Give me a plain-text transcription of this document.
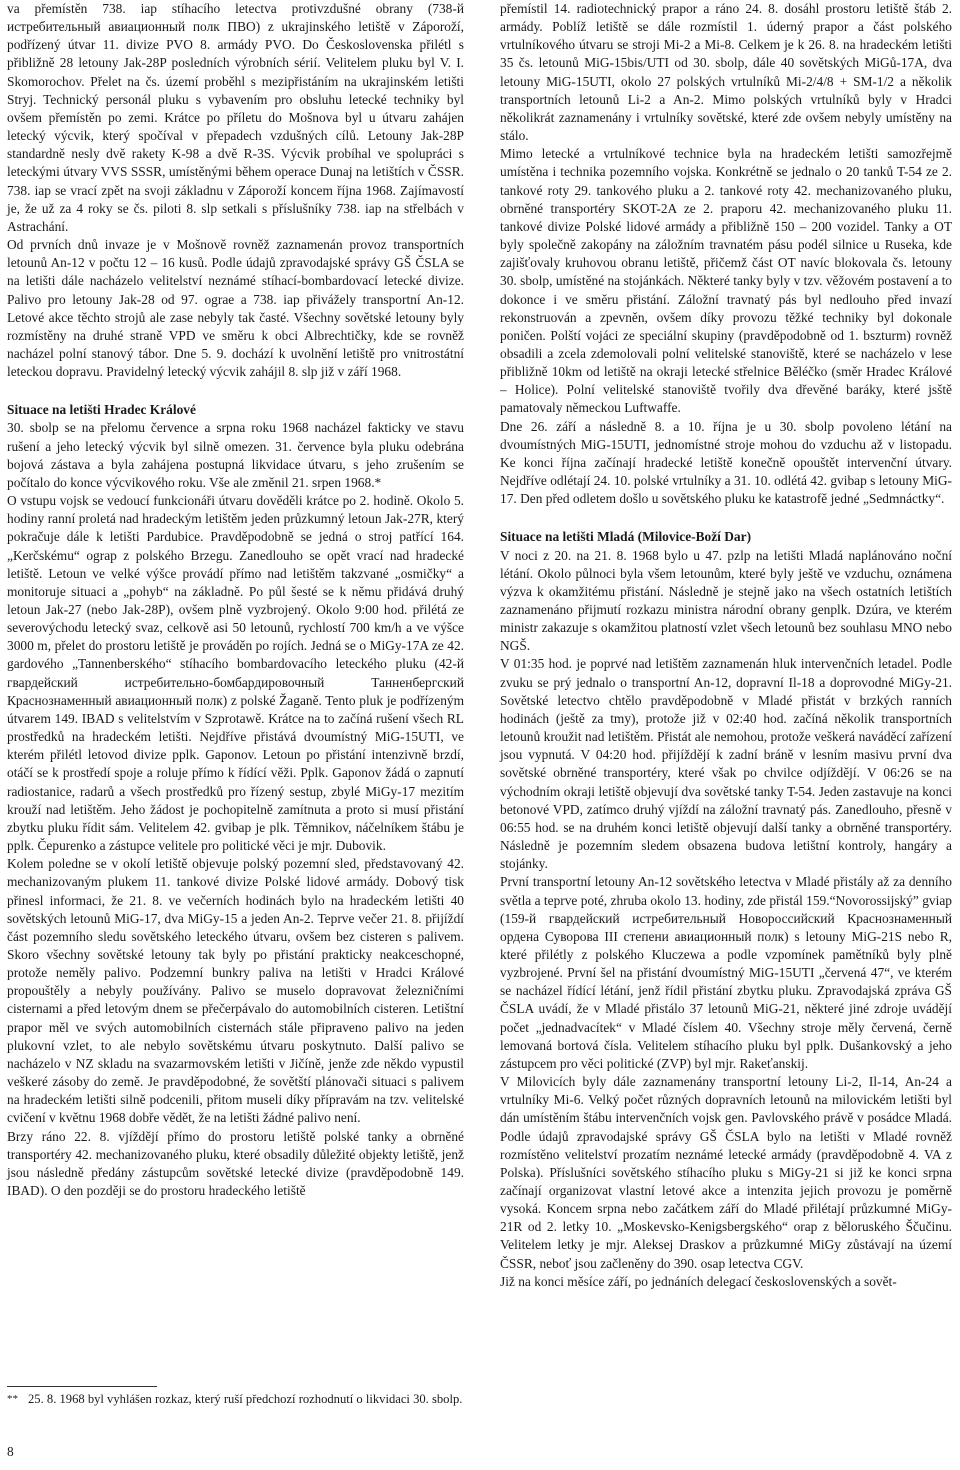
va přemístěn 738. iap stíhacího letectva protivzdušné obrany (738-й истребительный авиационный полк ПВО) z ukrajinského letiště v Záporoží, podřízený útvar 11. divize PVO 8. armády PVO. Do Československa přilétl s přibližně 28 letouny Jak-28P posledních výrobních sérií. Velitelem pluku byl V. I. Skomorochov. Přelet na čs. území proběhl s mezipřistáním na ukrajinském letišti Stryj. Technický personál pluku s vybavením pro obsluhu letecké techniky byl ovšem přemístěn po zemi. Krátce po příletu do Mošnova byl u útvaru zahájen letecký výcvik, který spočíval v přepadech vzdušných cílů. Letouny Jak-28P standardně nesly dvě rakety K-98 a dvě R-3S. Výcvik probíhal ve spolupráci s leteckými útvary VVS SSSR, umístěnými během operace Dunaj na letištích v ČSSR. 738. iap se vrací zpět na svoji základnu v Záporoží koncem října 1968. Zajímavostí je, že už za 4 roky se čs. piloti 8. slp setkali s příslušníky 738. iap na střelbách v Astrachání.

Od prvních dnů invaze je v Mošnově rovněž zaznamenán provoz transportních letounů An-12 v počtu 12 – 16 kusů. Podle údajů zpravodajské správy GŠ ČSLA se na letišti dále nacházelo velitelství neznámé stíhací-bombardovací letecké divize. Palivo pro letouny Jak-28 od 97. ograe a 738. iap přivážely transportní An-12. Letové akce těchto strojů ale zase nebyly tak časté. Všechny sovětské letouny byly rozmístěny na druhé straně VPD ve směru k obci Albrechtičky, kde se rovněž nacházel polní stanový tábor. Dne 5. 9. dochází k uvolnění letiště pro vnitrostátní leteckou dopravu. Pravidelný letecký výcvik zahájil 8. slp již v září 1968.

Situace na letišti Hradec Králové

30. sbolp se na přelomu července a srpna roku 1968 nacházel fakticky ve stavu rušení a jeho letecký výcvik byl silně omezen. 31. července byla pluku odebrána bojová zástava a byla zahájena postupná likvidace útvaru, s jeho zrušením se počítalo do konce výcvikového roku. Vše ale změnil 21. srpen 1968.*

O vstupu vojsk se vedoucí funkcionáři útvaru dověděli krátce po 2. hodině. Okolo 5. hodiny ranní proletá nad hradeckým letištěm jeden průzkumný letoun Jak-27R, který pokračuje dále k letišti Pardubice. Pravděpodobně se jedná o stroj patřící 164. „Kerčskému“ ograp z polského Brzegu. Zanedlouho se opět vrací nad hradecké letiště. Letoun ve velké výšce provádí přímo nad letištěm takzvané „osmičky“ a monitoruje situaci a „pohyb“ na základně. Po půl šesté se k němu přidává druhý letoun Jak-27 (nebo Jak-28P), ovšem plně vyzbrojený. Okolo 9:00 hod. přilétá ze severovýchodu letecký svaz, celkově asi 50 letounů, rychlostí 700 km/h a ve výšce 3000 m, přelet do prostoru letiště je prováděn po rojích. Jedná se o MiGy-17A ze 42. gardového „Tannenberského“ stíhacího bombardovacího leteckého pluku (42-й гвардейский истребительно-бомбардировочный Танненбергский Краснознаменный авиационный полк) z polské Žaganě. Tento pluk je podřízeným útvarem 149. IBAD s velitelstvím v Szprotawě. Krátce na to začíná rušení všech RL prostředků na hradeckém letišti. Nejdříve přistává dvoumístný MiG-15UTI, ve kterém přilétl letovod divize pplk. Gaponov. Letoun po přistání intenzivně brzdí, otáčí se k prostředí spoje a roluje přímo k řídící věži. Pplk. Gaponov žádá o zapnutí radiostanice, radarů a všech prostředků pro řízený sestup, zbylé MiGy-17 mezitím krouží nad letištěm. Jeho žádost je pochopitelně zamítnuta a proto si musí přistání zbytku pluku řídit sám. Velitelem 42. gvibap je plk. Těmnikov, náčelníkem štábu je pplk. Čepurenko a zástupce velitele pro politické věci je mjr. Dubovik.

Kolem poledne se v okolí letiště objevuje polský pozemní sled, představovaný 42. mechanizovaným plukem 11. tankové divize Polské lidové armády. Dobový tisk přinesl informaci, že 21. 8. ve večerních hodinách bylo na hradeckém letišti 40 sovětských letounů MiG-17, dva MiGy-15 a jeden An-2. Teprve večer 21. 8. přijíždí část pozemního sledu sovětského leteckého útvaru, ovšem bez cisteren s palivem. Skoro všechny sovětské letouny tak byly po přistání prakticky neakceschopné, protože neměly palivo. Podzemní bunkry paliva na letišti v Hradci Králové propouštěly a nebyly používány. Palivo se muselo dopravovat železničními cisternami a před letovým dnem se přečerpávalo do automobilních cisteren. Letištní prapor měl ve svých automobilních cisternách stále připraveno palivo na jeden plukovní vzlet, to ale nebylo sovětskému útvaru poskytnuto. Další palivo se nacházelo v NZ skladu na svazarmovském letišti v Jičíně, jenže zde někdo vypustil veškeré zásoby do země. Je pravděpodobné, že sovětští plánovači situaci s palivem na hradeckém letišti silně podcenili, přitom museli díky přípravám na tzv. velitelské cvičení v květnu 1968 dobře vědět, že na letišti žádné palivo není.

Brzy ráno 22. 8. vjíždějí přímo do prostoru letiště polské tanky a obrněné transportéry 42. mechanizovaného pluku, které obsadily důležité objekty letiště, jenž jsou následně předány zástupcům sovětské letecké divize (pravděpodobně 149. IBAD). O den později se do prostoru hradeckého letiště

** 25. 8. 1968 byl vyhlášen rozkaz, který ruší předchozí rozhodnutí o likvidaci 30. sbolp.
8

přemístil 14. radiotechnický prapor a ráno 24. 8. dosáhl prostoru letiště štáb 2. armády. Poblíž letiště se dále rozmístil 1. úderný prapor a část polského vrtulníkového útvaru se stroji Mi-2 a Mi-8. Celkem je k 26. 8. na hradeckém letišti 35 čs. letounů MiG-15bis/UTI od 30. sbolp, dále 40 sovětských MiGů-17A, dva letouny MiG-15UTI, okolo 27 polských vrtulníků Mi-2/4/8 + SM-1/2 a několik transportních letounů Li-2 a An-2. Mimo polských vrtulníků byly v Hradci několikrát zaznamenány i vrtulníky sovětské, které zde ovšem nebyly umístěny na stálo.

Mimo letecké a vrtulníkové technice byla na hradeckém letišti samozřejmě umístěna i technika pozemního vojska. Konkrétně se jednalo o 20 tanků T-54 ze 2. tankové roty 29. tankového pluku a 2. tankové roty 42. mechanizovaného pluku, obrněné transportéry SKOT-2A ze 2. praporu 42. mechanizovaného pluku 11. tankové divize Polské lidové armády a přibližně 150 – 200 vozidel. Tanky a OT byly společně zakopány na záložním travnatém pásu podél silnice u Ruseka, kde zajišťovaly kruhovou obranu letiště, přičemž část OT navíc blokovala čs. letouny 30. sbolp, umístěné na stojánkách. Některé tanky byly v tzv. věžovém postavení a to dokonce i ve směru přistání. Záložní travnatý pás byl nedlouho před invazí rekonstruován a zpevněn, ovšem díky provozu těžké techniky byl dokonale poničen. Polští vojáci ze speciální skupiny (pravděpodobně od 1. bszturm) rovněž obsadili a zcela zdemolovali polní velitelské stanoviště, které se nacházelo v lese přibližně 10km od letiště na okraji letecké střelnice Běléčko (směr Hradec Králové – Holice). Polní velitelské stanoviště tvořily dva dřevěné baráky, které jsště pamatovaly německou Luftwaffe.

Dne 26. září a následně 8. a 10. října je u 30. sbolp povoleno létání na dvoumístných MiG-15UTI, jednomístné stroje mohou do vzduchu až v listopadu. Ke konci října začínají hradecké letiště konečně opouštět intervenční útvary. Nejdříve odlétají 24. 10. polské vrtulníky a 31. 10. odlétá 42. gvibap s letouny MiG-17. Den před odletem došlo u sovětského pluku ke katastrofě jedné „Sedmnáctky“.

Situace na letišti Mladá (Milovice-Boží Dar)

V noci z 20. na 21. 8. 1968 bylo u 47. pzlp na letišti Mladá naplánováno noční létání. Okolo půlnoci byla všem letounům, které byly ještě ve vzduchu, oznámena výzva k okamžitému přistání. Následně je stejně jako na všech ostatních letištích zaznamenáno přijmutí rozkazu ministra národní obrany genplk. Dzúra, ve kterém ministr zakazuje s okamžitou platností vzlet všech letounů bez souhlasu MNO nebo NGŠ.

V 01:35 hod. je poprvé nad letištěm zaznamenán hluk intervenčních letadel. Podle zvuku se prý jednalo o transportní An-12, dopravní Il-18 a doprovodné MiGy-21. Sovětské letectvo chtělo pravděpodobně v Mladé přistát v brzkých ranních hodinách (ještě za tmy), protože již v 02:40 hod. začíná několik transportních letounů kroužit nad letištěm. Přistát ale nemohou, protože veškerá naváděcí zařízení jsou vypnutá. V 04:20 hod. přijíždějí k zadní bráně v lesním masivu první dva sovětské obrněné transportéry, které však po chvilce odjíždějí. V 06:26 se na východním okraji letiště objevují dva sovětské tanky T-54. Jeden zastavuje na konci betonové VPD, zatímco druhý vjíždí na záložní travnatý pás. Zanedlouho, přesně v 06:55 hod. se na druhém konci letiště objevují další tanky a obrněné transportéry. Následně je pozemním sledem obsazena budova letištní kontroly, hangáry a stojánky.

První transportní letouny An-12 sovětského letectva v Mladé přistály až za denního světla a teprve poté, zhruba okolo 13. hodiny, zde přistál 159.“Novorossijský” gviap (159-й гвардейский истребительный Новороссийский Краснознаменный ордена Суворова III степени авиационный полк) s letouny MiG-21S nebo R, které přilétly z polského Kluczewa a podle vzpomínek pamětníků byly plně vyzbrojené. První šel na přistání dvoumístný MiG-15UTI „červená 47“, ve kterém se nacházel řídící létání, jenž řídil přistání zbytku pluku. Zpravodajská zpráva GŠ ČSLA uvádí, že v Mladé přistálo 37 letounů MiG-21, některé jiné zdroje uvádějí počet „jednadvacítek“ v Mladé číslem 40. Všechny stroje měly červená, černě lemovaná bortová čísla. Velitelem stíhacího pluku byl pplk. Dušankovský a jeho zástupcem pro věci politické (ZVP) byl mjr. Rakeťanskij.

V Milovicích byly dále zaznamenány transportní letouny Li-2, Il-14, An-24 a vrtulníky Mi-6. Velký počet různých dopravních letounů na milovickém letišti byl dán umístěním štábu intervenčních vojsk gen. Pavlovského právě v posádce Mladá. Podle údajů zpravodajské správy GŠ ČSLA bylo na letišti v Mladé rovněž rozmístěno velitelství prozatím neznámé letecké armády (pravděpodobně 4. VA z Polska). Příslušníci sovětského stíhacího pluku s MiGy-21 si již ke konci srpna začínají organizovat vlastní letové akce a intenzita jejich provozu je poměrně vysoká. Koncem srpna nebo začátkem září do Mladé přilétají průzkumné MiGy-21R od 2. letky 10. „Moskevsko-Kenigsbergského“ orap z běloruského Ščučinu. Velitelem letky je mjr. Aleksej Draskov a průzkumné MiGy zůstávají na území ČSSR, neboť jsou začleněny do 390. osap letectva CGV.

Již na konci měsíce září, po jednáních delegací československých a sovět-
